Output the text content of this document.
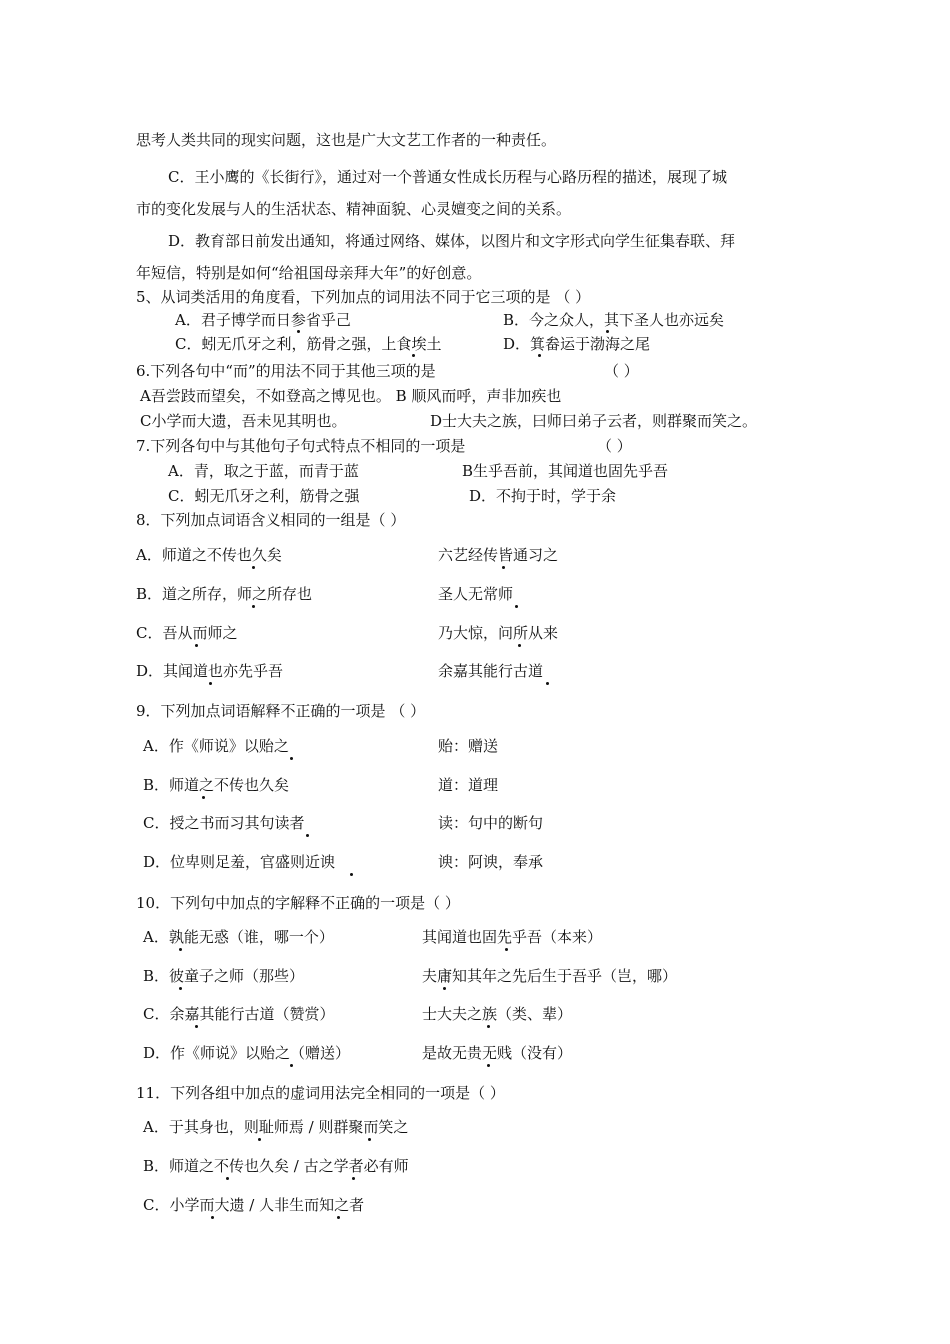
思考人类共同的现实问题，这也是广大文艺工作者的一种责任。
C．王小鹰的《长街行》，通过对一个普通女性成长历程与心路历程的描述，展现了城
市的变化发展与人的生活状态、精神面貌、心灵嬗变之间的关系。
D．教育部日前发出通知，将通过网络、媒体，以图片和文字形式向学生征集春联、拜
年短信，特别是如何“给祖国母亲拜大年”的好创意。
5、从词类活用的角度看，下列加点的词用法不同于它三项的是 （ ）
A．君子博学而日参省乎己	B．今之众人，其下圣人也亦远矣
C．蚓无爪牙之利，筋骨之强，上食埃土	D．箕畚运于渤海之尾
6.下列各句中“而”的用法不同于其他三项的是	（ ）
A吾尝跂而望矣，不如登高之博见也。 B 顺风而呼，声非加疾也
C小学而大遗，吾未见其明也。	D士大夫之族，曰师曰弟子云者，则群聚而笑之。
7.下列各句中与其他句子句式特点不相同的一项是	（ ）
A．青，取之于蓝，而青于蓝	B生乎吾前，其闻道也固先乎吾
C．蚓无爪牙之利，筋骨之强	D．不拘于时，学于余
8．下列加点词语含义相同的一组是（ ）
A．师道之不传也久矣	六艺经传皆通习之
B．道之所存，师之所存也	圣人无常师
C．吾从而师之	乃大惊，问所从来
D．其闻道也亦先乎吾	余嘉其能行古道
9．下列加点词语解释不正确的一项是 （ ）
A．作《师说》以贻之	贻：赠送
B．师道之不传也久矣	道：道理
C．授之书而习其句读者	读：句中的断句
D．位卑则足羞，官盛则近谀	谀：阿谀，奉承
10．下列句中加点的字解释不正确的一项是（ ）
A．孰能无惑（谁，哪一个）	其闻道也固先乎吾（本来）
B．彼童子之师（那些）	夫庸知其年之先后生于吾乎（岂，哪）
C．余嘉其能行古道（赞赏）	士大夫之族（类、辈）
D．作《师说》以贻之（赠送）	是故无贵无贱（没有）
11．下列各组中加点的虚词用法完全相同的一项是（ ）
A．于其身也，则耻师焉 / 则群聚而笑之
B．师道之不传也久矣 / 古之学者必有师
C．小学而大遗 / 人非生而知之者
